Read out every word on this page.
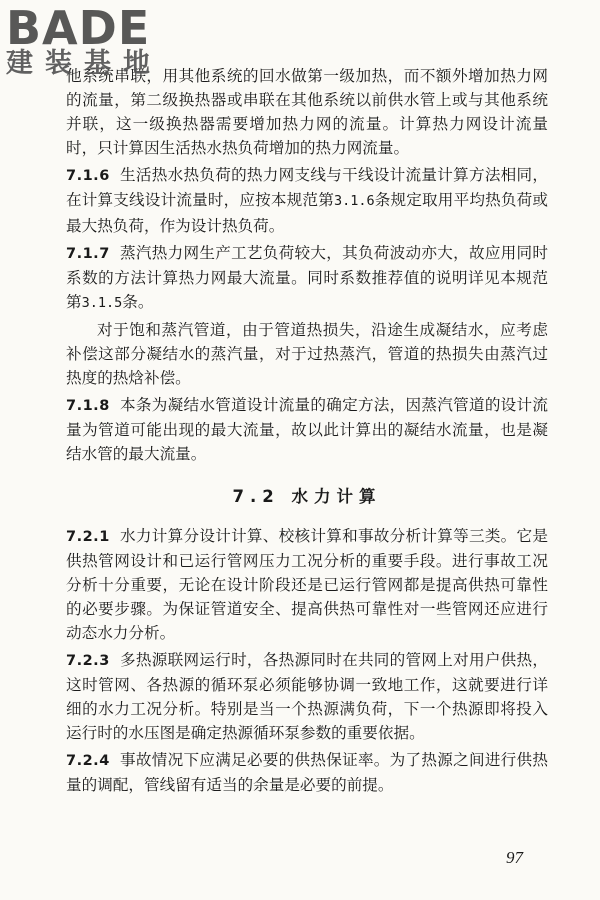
BADE
建装基地

他系统串联，用其他系统的回水做第一级加热，而不额外增加热力网的流量，第二级换热器或串联在其他系统以前供水管上或与其他系统并联，这一级换热器需要增加热力网的流量。计算热力网设计流量时，只计算因生活热水热负荷增加的热力网流量。

7.1.6 生活热水热负荷的热力网支线与干线设计流量计算方法相同，在计算支线设计流量时，应按本规范第3.1.6条规定取用平均热负荷或最大热负荷，作为设计热负荷。

7.1.7 蒸汽热力网生产工艺负荷较大，其负荷波动亦大，故应用同时系数的方法计算热力网最大流量。同时系数推荐值的说明详见本规范第3.1.5条。

对于饱和蒸汽管道，由于管道热损失，沿途生成凝结水，应考虑补偿这部分凝结水的蒸汽量，对于过热蒸汽，管道的热损失由蒸汽过热度的热焓补偿。

7.1.8 本条为凝结水管道设计流量的确定方法，因蒸汽管道的设计流量为管道可能出现的最大流量，故以此计算出的凝结水流量，也是凝结水管的最大流量。

7.2 水力计算

7.2.1 水力计算分设计计算、校核计算和事故分析计算等三类。它是供热管网设计和已运行管网压力工况分析的重要手段。进行事故工况分析十分重要，无论在设计阶段还是已运行管网都是提高供热可靠性的必要步骤。为保证管道安全、提高供热可靠性对一些管网还应进行动态水力分析。

7.2.3 多热源联网运行时，各热源同时在共同的管网上对用户供热，这时管网、各热源的循环泵必须能够协调一致地工作，这就要进行详细的水力工况分析。特别是当一个热源满负荷，下一个热源即将投入运行时的水压图是确定热源循环泵参数的重要依据。

7.2.4 事故情况下应满足必要的供热保证率。为了热源之间进行供热量的调配，管线留有适当的余量是必要的前提。

97
